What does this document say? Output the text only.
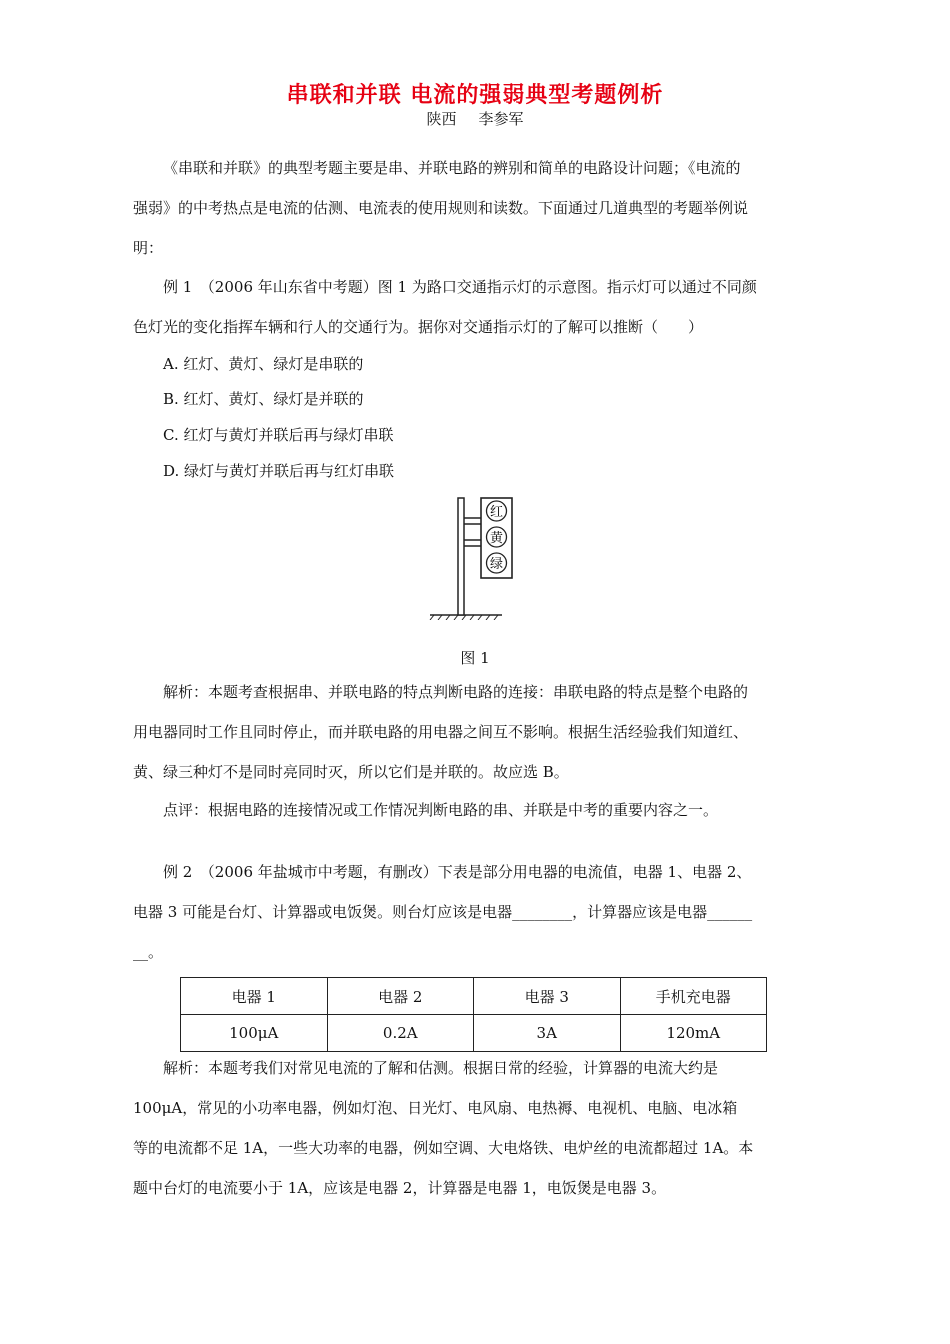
串联和并联 电流的强弱典型考题例析
陕西 李参军
《串联和并联》的典型考题主要是串、并联电路的辨别和简单的电路设计问题；《电流的
强弱》的中考热点是电流的估测、电流表的使用规则和读数。下面通过几道典型的考题举例说
明：
例 1　（2006 年山东省中考题）图 1 为路口交通指示灯的示意图。指示灯可以通过不同颜
色灯光的变化指挥车辆和行人的交通行为。据你对交通指示灯的了解可以推断（　　）
A. 红灯、黄灯、绿灯是串联的
B. 红灯、黄灯、绿灯是并联的
C. 红灯与黄灯并联后再与绿灯串联
D. 绿灯与黄灯并联后再与红灯串联
红
黄
绿
图 1
解析：本题考查根据串、并联电路的特点判断电路的连接：串联电路的特点是整个电路的
用电器同时工作且同时停止，而并联电路的用电器之间互不影响。根据生活经验我们知道红、
黄、绿三种灯不是同时亮同时灭，所以它们是并联的。故应选 B。
点评：根据电路的连接情况或工作情况判断电路的串、并联是中考的重要内容之一。
例 2　（2006 年盐城市中考题，有删改）下表是部分用电器的电流值，电器 1、电器 2、
电器 3 可能是台灯、计算器或电饭煲。则台灯应该是电器________，计算器应该是电器______
__。
电器 1	电器 2	电器 3	手机充电器
100μA	0.2A	3A	120mA
解析：本题考我们对常见电流的了解和估测。根据日常的经验，计算器的电流大约是
100μA，常见的小功率电器，例如灯泡、日光灯、电风扇、电热褥、电视机、电脑、电冰箱
等的电流都不足 1A，一些大功率的电器，例如空调、大电烙铁、电炉丝的电流都超过 1A。本
题中台灯的电流要小于 1A，应该是电器 2，计算器是电器 1，电饭煲是电器 3。
